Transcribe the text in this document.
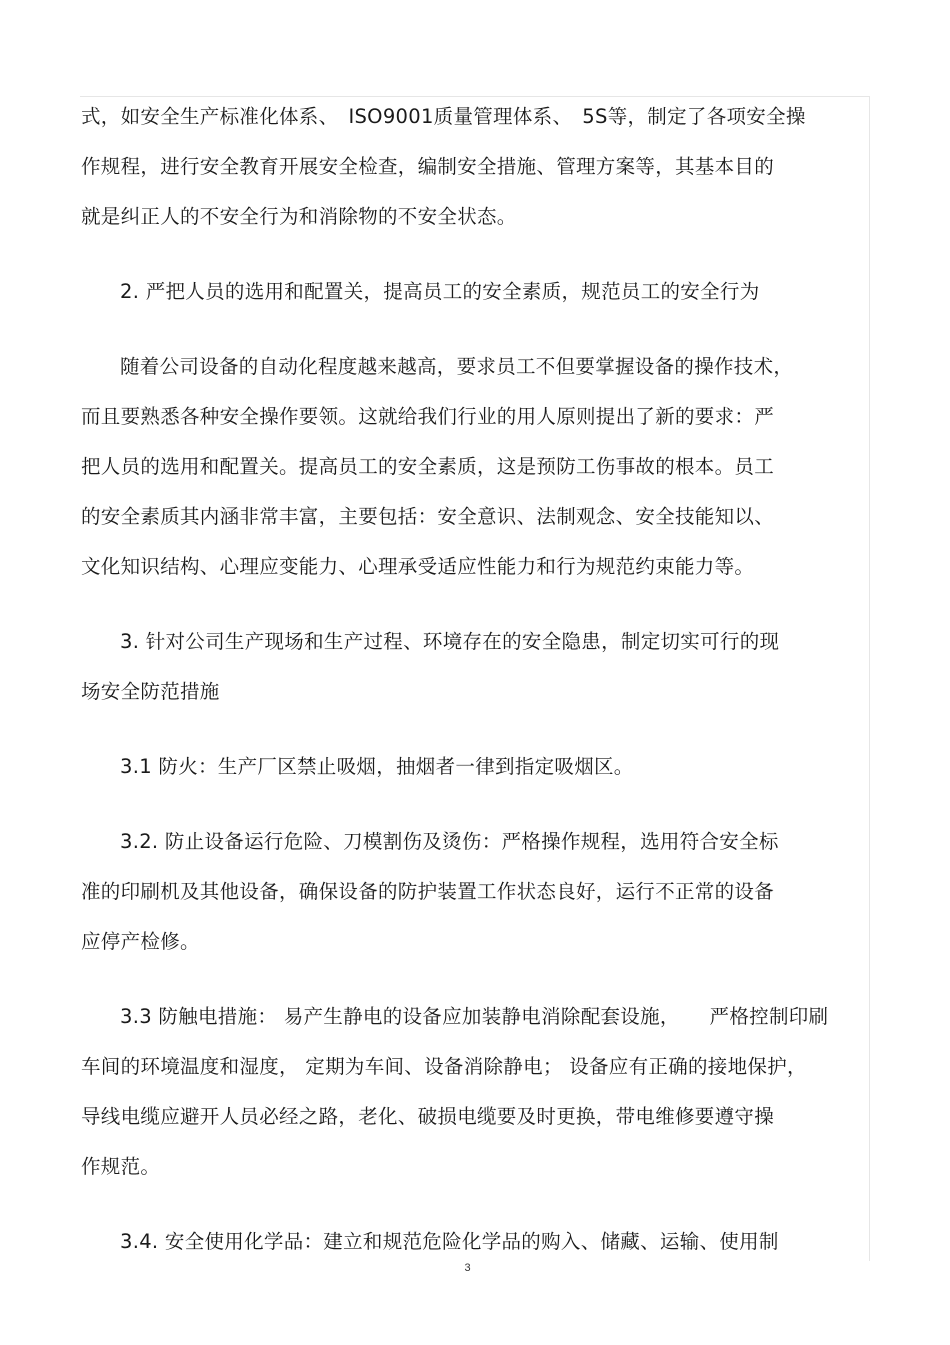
式，如安全生产标准化体系、　ISO9001质量管理体系、　5S等，制定了各项安全操
作规程，进行安全教育开展安全检查，编制安全措施、管理方案等，其基本目的
就是纠正人的不安全行为和消除物的不安全状态。
2. 严把人员的选用和配置关，提高员工的安全素质，规范员工的安全行为
随着公司设备的自动化程度越来越高，要求员工不但要掌握设备的操作技术，
而且要熟悉各种安全操作要领。这就给我们行业的用人原则提出了新的要求：严
把人员的选用和配置关。提高员工的安全素质，这是预防工伤事故的根本。员工
的安全素质其内涵非常丰富，主要包括：安全意识、法制观念、安全技能知以、
文化知识结构、心理应变能力、心理承受适应性能力和行为规范约束能力等。
3. 针对公司生产现场和生产过程、环境存在的安全隐患，制定切实可行的现
场安全防范措施
3.1 防火：生产厂区禁止吸烟，抽烟者一律到指定吸烟区。
3.2. 防止设备运行危险、刀模割伤及烫伤：严格操作规程，选用符合安全标
准的印刷机及其他设备，确保设备的防护装置工作状态良好，运行不正常的设备
应停产检修。
3.3 防触电措施： 易产生静电的设备应加装静电消除配套设施，　　严格控制印刷
车间的环境温度和湿度， 定期为车间、设备消除静电； 设备应有正确的接地保护，
导线电缆应避开人员必经之路，老化、破损电缆要及时更换，带电维修要遵守操
作规范。
3.4. 安全使用化学品：建立和规范危险化学品的购入、储藏、运输、使用制
3
